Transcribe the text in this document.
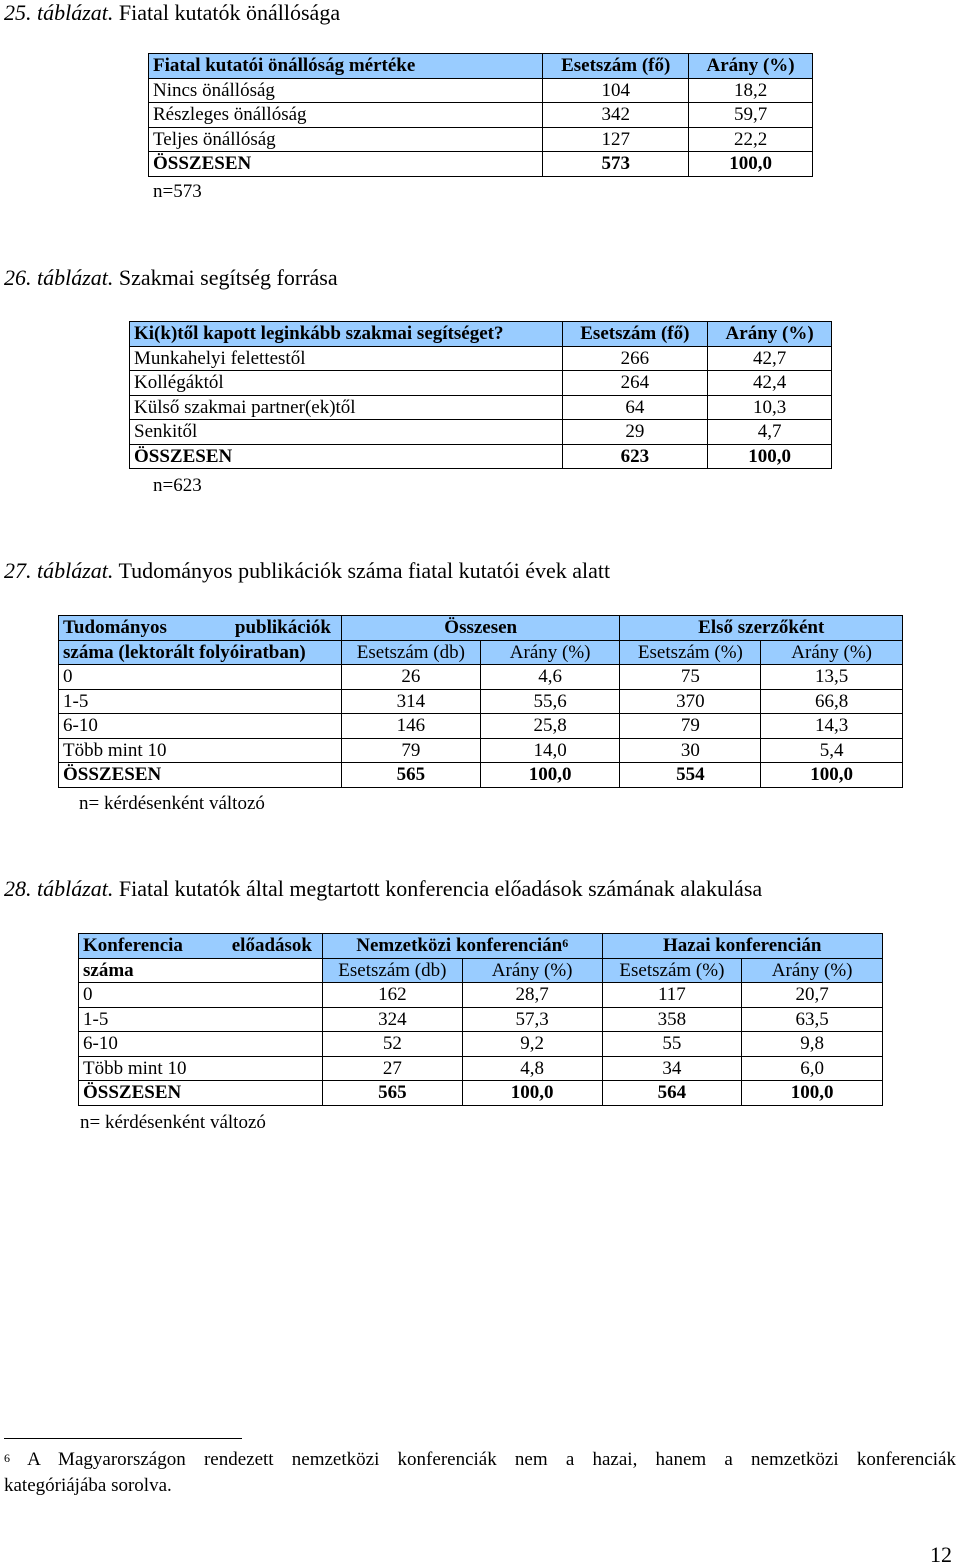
25. táblázat. Fiatal kutatók önállósága
Fiatal kutatói önállóság mértéke	Esetszám (fő)	Arány (%)
Nincs önállóság	104	18,2
Részleges önállóság	342	59,7
Teljes önállóság	127	22,2
ÖSSZESEN	573	100,0
n=573
26. táblázat. Szakmai segítség forrása
Ki(k)től kapott leginkább szakmai segítséget?	Esetszám (fő)	Arány (%)
Munkahelyi felettestől	266	42,7
Kollégáktól	264	42,4
Külső szakmai partner(ek)től	64	10,3
Senkitől	29	4,7
ÖSSZESEN	623	100,0
n=623
27. táblázat. Tudományos publikációk száma fiatal kutatói évek alatt
Tudományos publikációk	Összesen		Első szerzőként	
száma (lektorált folyóiratban)	Esetszám (db)	Arány (%)	Esetszám (%)	Arány (%)
0	26	4,6	75	13,5
1-5	314	55,6	370	66,8
6-10	146	25,8	79	14,3
Több mint 10	79	14,0	30	5,4
ÖSSZESEN	565	100,0	554	100,0
n= kérdésenként változó
28. táblázat. Fiatal kutatók által megtartott konferencia előadások számának alakulása
Konferencia előadások	Nemzetközi konferencián$^6$		Hazai konferencián	
száma	Esetszám (db)	Arány (%)	Esetszám (%)	Arány (%)
0	162	28,7	117	20,7
1-5	324	57,3	358	63,5
6-10	52	9,2	55	9,8
Több mint 10	27	4,8	34	6,0
ÖSSZESEN	565	100,0	564	100,0
n= kérdésenként változó
$^6$ A Magyarországon rendezett nemzetközi konferenciák nem a hazai, hanem a nemzetközi konferenciák
kategóriájába sorolva.
12
